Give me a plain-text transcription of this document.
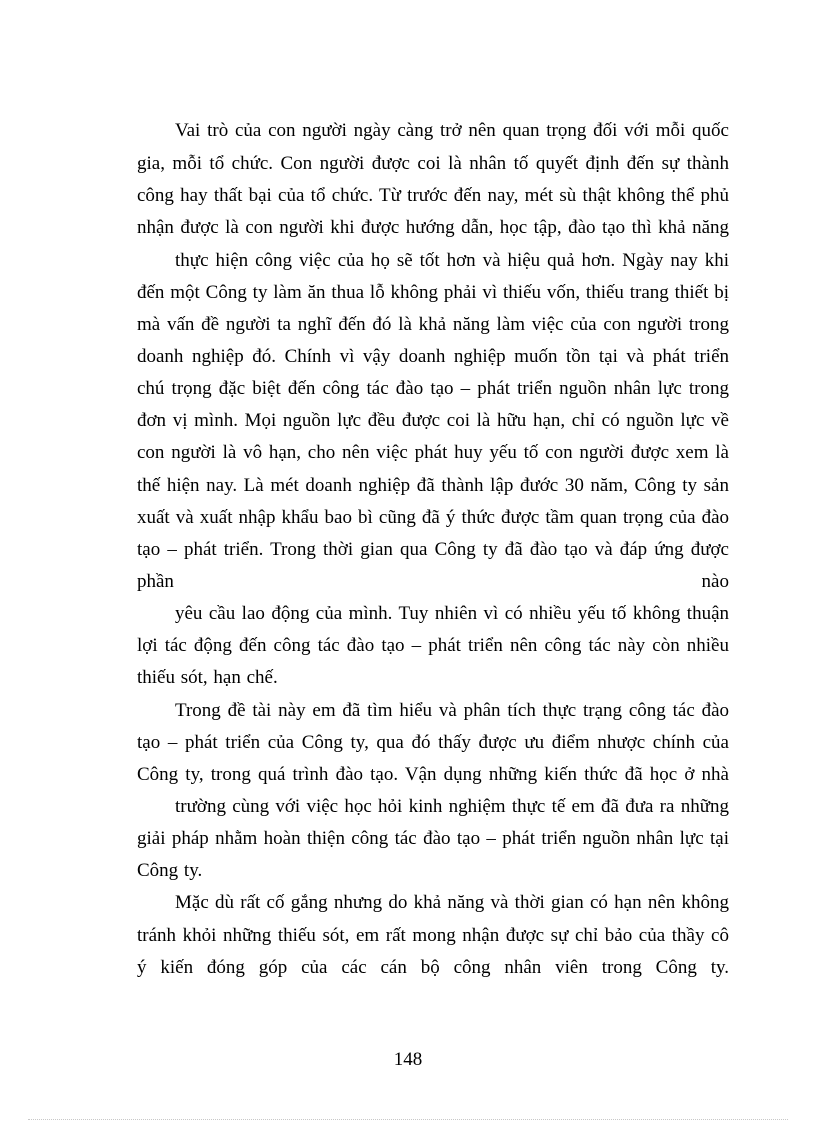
Vai trò của con người ngày càng trở nên quan trọng đối với mỗi quốc
gia, mỗi tổ chức. Con người được coi là nhân tố quyết định đến sự thành
công hay thất bại của tổ chức. Từ trước đến nay, mét sù thật không thể phủ
nhận được là con người khi được hướng dẫn, học tập, đào tạo thì khả năng
thực hiện công việc của họ sẽ tốt hơn và hiệu quả hơn. Ngày nay khi
đến một Công ty làm ăn thua lỗ không phải vì thiếu vốn, thiếu trang thiết bị
mà vấn đề người ta nghĩ đến đó là khả năng làm việc của con người trong
doanh nghiệp đó. Chính vì vậy doanh nghiệp muốn tồn tại và phát triển
chú trọng đặc biệt đến công tác đào tạo – phát triển nguồn nhân lực trong
đơn vị mình. Mọi nguồn lực đều được coi là hữu hạn, chỉ có nguồn lực về
con người là vô hạn, cho nên việc phát huy yếu tố con người được xem là
thế hiện nay. Là mét doanh nghiệp đã thành lập đước 30 năm, Công ty sản
xuất và xuất nhập khẩu bao bì cũng đã ý thức được tầm quan trọng của đào
tạo – phát triển. Trong thời gian qua Công ty đã đào tạo và đáp ứng được
phần nào
yêu cầu lao động của mình. Tuy nhiên vì có nhiều yếu tố không thuận
lợi tác động đến công tác đào tạo – phát triển nên công tác này còn nhiều
thiếu sót, hạn chế.
Trong đề tài này em đã tìm hiểu và phân tích thực trạng công tác đào
tạo – phát triển của Công ty, qua đó thấy được ưu điểm nhược chính của
Công ty, trong quá trình đào tạo. Vận dụng những kiến thức đã học ở nhà
trường cùng với việc học hỏi kinh nghiệm thực tế em đã đưa ra những
giải pháp nhằm hoàn thiện công tác đào tạo – phát triển nguồn nhân lực tại
Công ty.
Mặc dù rất cố gắng nhưng do khả năng và thời gian có hạn nên không
tránh khỏi những thiếu sót, em rất mong nhận được sự chỉ bảo của thầy cô
ý kiến đóng góp của các cán bộ công nhân viên trong Công ty.
148
